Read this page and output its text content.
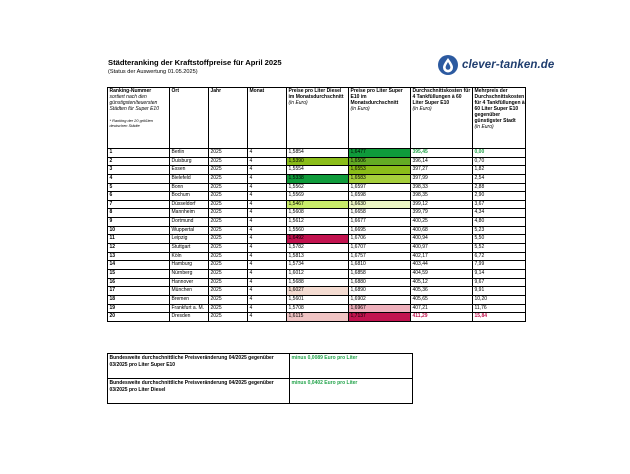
Städteranking der Kraftstoffpreise für April 2025
(Status der Auswertung 01.05.2025)
clever-tanken.de
Ranking-Nummer
sortiert nach den günstigsten/teuersten Städten für Super E10
* Ranking der 20 größten deutschen Städte	Ort	Jahr	Monat	Preise pro Liter Diesel im Monatsdurchschnitt
(in Euro)	Preise pro Liter Super E10 im Monatsdurchschnitt
(in Euro)	Durchschnittskosten für 4 Tankfüllungen à 60 Liter Super E10
(in Euro)	Mehrpreis der Durchschnittskosten für 4 Tankfüllungen à 60 Liter Super E10 gegenüber günstigster Stadt
(in Euro)
1	Berlin	2025	4	1,5854	1,6477	395,45	0,00
2	Duisburg	2025	4	1,5390	1,6506	396,14	0,70
3	Essen	2025	4	1,5554	1,6553	397,27	1,82
4	Bielefeld	2025	4	1,5338	1,6583	397,99	2,54
5	Bonn	2025	4	1,5562	1,6597	398,33	2,88
6	Bochum	2025	4	1,5569	1,6598	398,35	2,90
7	Düsseldorf	2025	4	1,5467	1,6630	399,12	3,67
8	Mannheim	2025	4	1,5608	1,6658	399,79	4,34
9	Dortmund	2025	4	1,5612	1,6677	400,25	4,80
10	Wuppertal	2025	4	1,5560	1,6695	400,68	5,23
11	Leipzig	2025	4	1,6492	1,6706	400,94	5,50
12	Stuttgart	2025	4	1,5782	1,6707	400,97	5,52
13	Köln	2025	4	1,5813	1,6757	402,17	6,72
14	Hamburg	2025	4	1,5734	1,6810	403,44	7,99
15	Nürnberg	2025	4	1,6012	1,6858	404,59	9,14
16	Hannover	2025	4	1,5688	1,6880	405,12	9,67
17	München	2025	4	1,6027	1,6890	405,36	9,91
18	Bremen	2025	4	1,5601	1,6902	405,65	10,20
19	Frankfurt a. M.	2025	4	1,5708	1,6967	407,21	11,76
20	Dresden	2025	4	1,6115	1,7137	411,29	15,84
Bundesweite durchschnittliche Preisveränderung 04/2025 gegenüber 03/2025 pro Liter Super E10	minus 0,0089 Euro pro Liter
Bundesweite durchschnittliche Preisveränderung 04/2025 gegenüber 03/2025 pro Liter Diesel	minus 0,0402 Euro pro Liter
